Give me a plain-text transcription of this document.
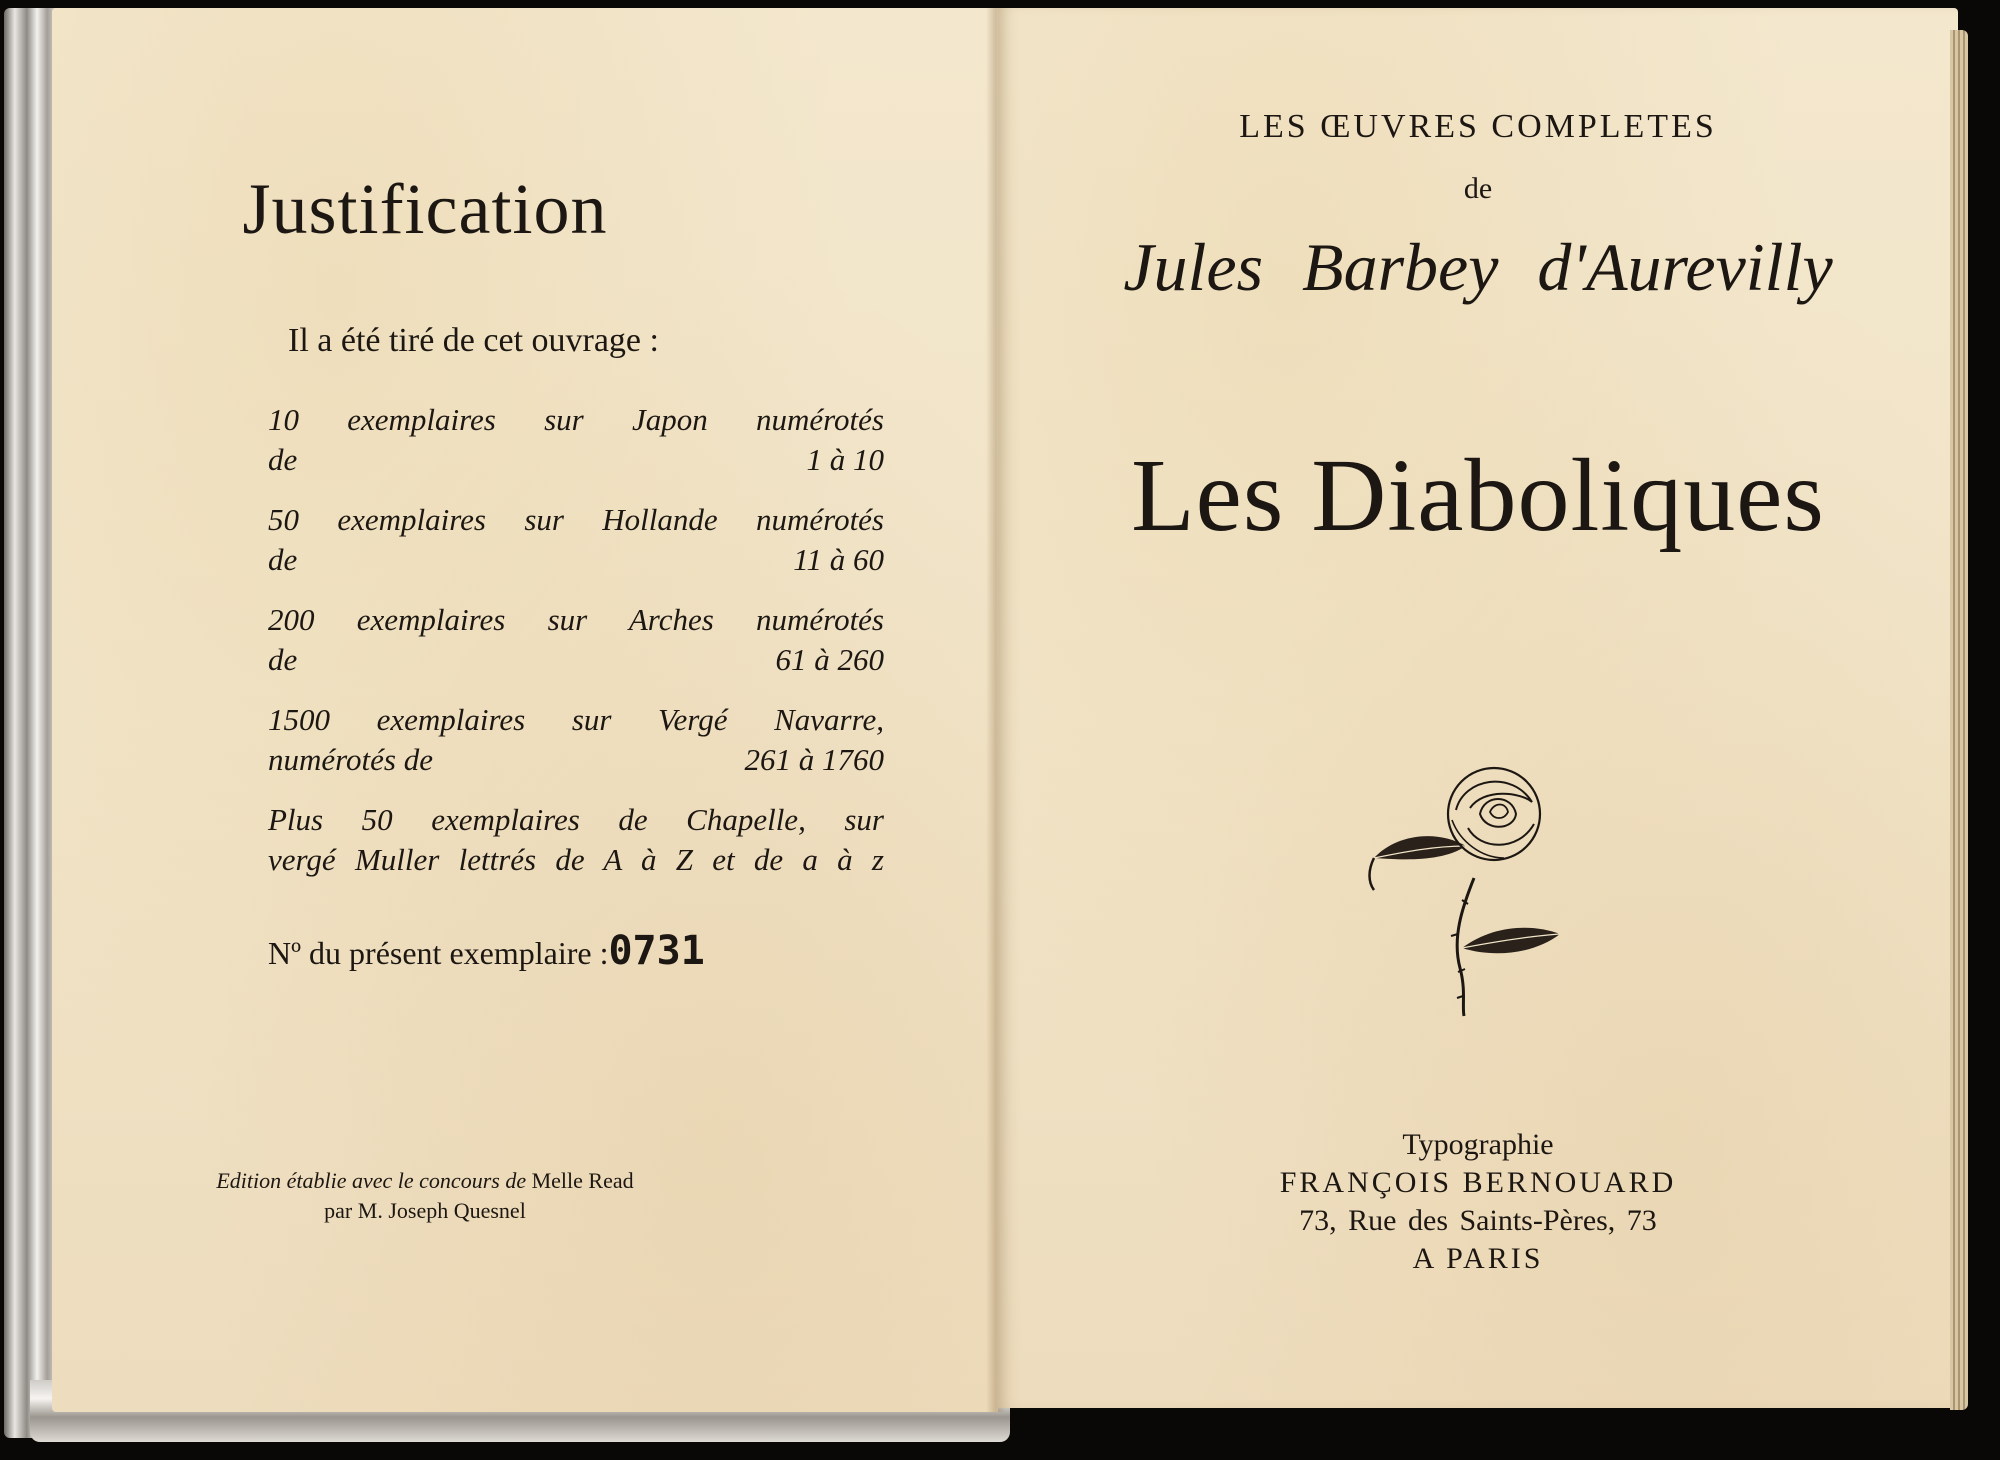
Justification
Il a été tiré de cet ouvrage :
10 exemplaires sur Japon numérotés
de	1 à 10
50 exemplaires sur Hollande numérotés
de	11 à 60
200 exemplaires sur Arches numérotés
de	61 à 260
1500 exemplaires sur Vergé Navarre,
numérotés de	261 à 1760
Plus 50 exemplaires de Chapelle, sur
vergé Muller lettrés de A à Z et de a à z
Nº du présent exemplaire :0731
Edition établie avec le concours de Melle Read
par M. Joseph Quesnel
LES ŒUVRES COMPLETES
de
Jules Barbey d'Aurevilly
Les Diaboliques
Typographie
FRANÇOIS BERNOUARD
73, Rue des Saints-Pères, 73
A PARIS
